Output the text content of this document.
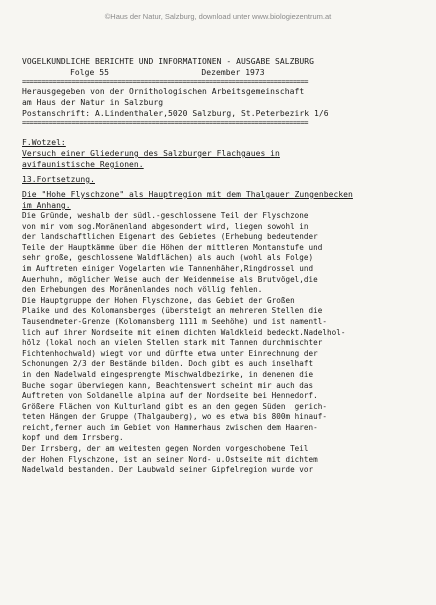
©Haus der Natur, Salzburg, download unter www.biologiezentrum.at
VOGELKUNDLICHE BERICHTE UND INFORMATIONEN - AUSGABE SALZBURG
Folge 55                   Dezember 1973
===========================================================================
Herausgegeben von der Ornithologischen Arbeitsgemeinschaft
am Haus der Natur in Salzburg
Postanschrift: A.Lindenthaler,5020 Salzburg, St.Peterbezirk 1/6
===========================================================================
F.Wotzel:
Versuch einer Gliederung des Salzburger Flachgaues in
avifaunistische Regionen.
13.Fortsetzung.
Die "Hohe Flyschzone" als Hauptregion mit dem Thalgauer Zungenbecken
im Anhang.
Die Gründe, weshalb der südl.-geschlossene Teil der Flyschzone
von mir vom sog.Moränenland abgesondert wird, liegen sowohl in
der landschaftlichen Eigenart des Gebietes (Erhebung bedeutender
Teile der Hauptkämme über die Höhen der mittleren Montanstufe und
sehr große, geschlossene Waldflächen) als auch (wohl als Folge)
im Auftreten einiger Vogelarten wie Tannenhäher,Ringdrossel und
Auerhuhn, möglicher Weise auch der Weidenmeise als Brutvögel,die
den Erhebungen des Moränenlandes noch völlig fehlen.
Die Hauptgruppe der Hohen Flyschzone, das Gebiet der Großen
Plaike und des Kolomansberges (übersteigt an mehreren Stellen die
Tausendmeter-Grenze (Kolomansberg 1111 m Seehöhe) und ist namentl-
lich auf ihrer Nordseite mit einem dichten Waldkleid bedeckt.Nadelhol-
hölz (lokal noch an vielen Stellen stark mit Tannen durchmischter
Fichtenhochwald) wiegt vor und dürfte etwa unter Einrechnung der
Schonungen 2/3 der Bestände bilden. Doch gibt es auch inselhaft
in den Nadelwald eingesprengte Mischwaldbezirke, in denenen die
Buche sogar überwiegen kann, Beachtenswert scheint mir auch das
Auftreten von Soldanelle alpina auf der Nordseite bei Hennedorf.
Größere Flächen von Kulturland gibt es an den gegen Süden  gerich-
teten Hängen der Gruppe (Thalgauberg), wo es etwa bis 800m hinauf-
reicht,ferner auch im Gebiet von Hammerhaus zwischen dem Haaren-
kopf und dem Irrsberg.
Der Irrsberg, der am weitesten gegen Norden vorgeschobene Teil
der Hohen Flyschzone, ist an seiner Nord- u.Ostseite mit dichtem
Nadelwald bestanden. Der Laubwald seiner Gipfelregion wurde vor
